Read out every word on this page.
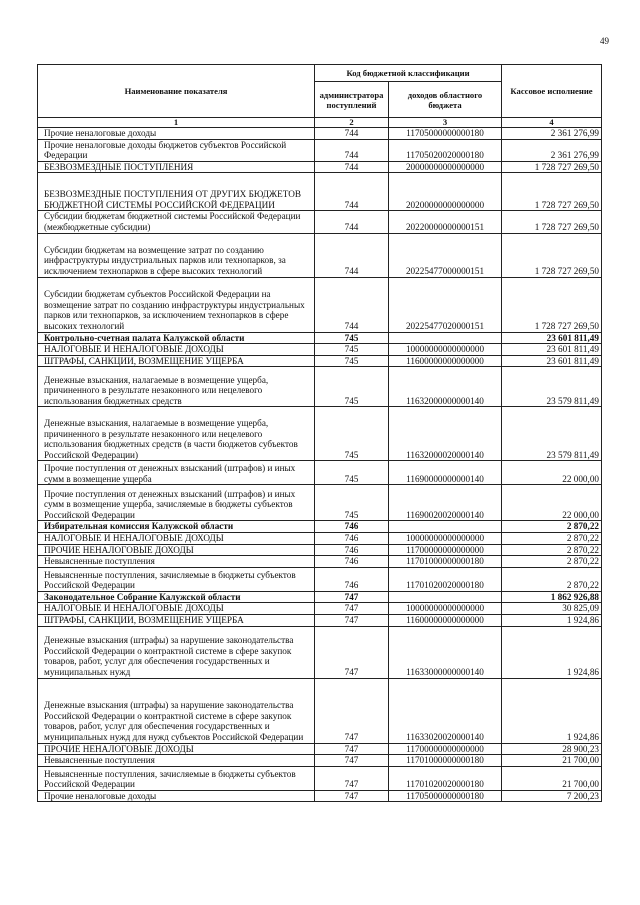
49
Наименование показателя	Код бюджетной классификации		Кассовое исполнение
	администратора поступлений	доходов областного бюджета	
1	2	3	4
Прочие неналоговые доходы	744	11705000000000180	2 361 276,99
Прочие неналоговые доходы бюджетов субъектов Российской Федерации	744	11705020020000180	2 361 276,99
БЕЗВОЗМЕЗДНЫЕ ПОСТУПЛЕНИЯ	744	20000000000000000	1 728 727 269,50
БЕЗВОЗМЕЗДНЫЕ ПОСТУПЛЕНИЯ ОТ ДРУГИХ БЮДЖЕТОВ БЮДЖЕТНОЙ СИСТЕМЫ РОССИЙСКОЙ ФЕДЕРАЦИИ	744	20200000000000000	1 728 727 269,50
Субсидии бюджетам бюджетной системы Российской Федерации (межбюджетные субсидии)	744	20220000000000151	1 728 727 269,50
Субсидии бюджетам на возмещение затрат по созданию инфраструктуры индустриальных парков или технопарков, за исключением технопарков в сфере высоких технологий	744	20225477000000151	1 728 727 269,50
Субсидии бюджетам субъектов Российской Федерации на возмещение затрат по созданию инфраструктуры индустриальных парков или технопарков, за исключением технопарков в сфере высоких технологий	744	20225477020000151	1 728 727 269,50
Контрольно-счетная палата Калужской области	745		23 601 811,49
НАЛОГОВЫЕ И НЕНАЛОГОВЫЕ ДОХОДЫ	745	10000000000000000	23 601 811,49
ШТРАФЫ, САНКЦИИ, ВОЗМЕЩЕНИЕ УЩЕРБА	745	11600000000000000	23 601 811,49
Денежные взыскания, налагаемые в возмещение ущерба, причиненного в результате незаконного или нецелевого использования бюджетных средств	745	11632000000000140	23 579 811,49
Денежные взыскания, налагаемые в возмещение ущерба, причиненного в результате незаконного или нецелевого использования бюджетных средств (в части бюджетов субъектов Российской Федерации)	745	11632000020000140	23 579 811,49
Прочие поступления от денежных взысканий (штрафов) и иных сумм в возмещение ущерба	745	11690000000000140	22 000,00
Прочие поступления от денежных взысканий (штрафов) и иных сумм в возмещение ущерба, зачисляемые в бюджеты субъектов Российской Федерации	745	11690020020000140	22 000,00
Избирательная комиссия Калужской области	746		2 870,22
НАЛОГОВЫЕ И НЕНАЛОГОВЫЕ ДОХОДЫ	746	10000000000000000	2 870,22
ПРОЧИЕ НЕНАЛОГОВЫЕ ДОХОДЫ	746	11700000000000000	2 870,22
Невыясненные поступления	746	11701000000000180	2 870,22
Невыясненные поступления, зачисляемые в бюджеты субъектов Российской Федерации	746	11701020020000180	2 870,22
Законодательное Собрание Калужской области	747		1 862 926,88
НАЛОГОВЫЕ И НЕНАЛОГОВЫЕ ДОХОДЫ	747	10000000000000000	30 825,09
ШТРАФЫ, САНКЦИИ, ВОЗМЕЩЕНИЕ УЩЕРБА	747	11600000000000000	1 924,86
Денежные взыскания (штрафы) за нарушение законодательства Российской Федерации о контрактной системе в сфере закупок товаров, работ, услуг для обеспечения государственных и муниципальных нужд	747	11633000000000140	1 924,86
Денежные взыскания (штрафы) за нарушение законодательства Российской Федерации о контрактной системе в сфере закупок товаров, работ, услуг для обеспечения государственных и муниципальных нужд для нужд субъектов Российской Федерации	747	11633020020000140	1 924,86
ПРОЧИЕ НЕНАЛОГОВЫЕ ДОХОДЫ	747	11700000000000000	28 900,23
Невыясненные поступления	747	11701000000000180	21 700,00
Невыясненные поступления, зачисляемые в бюджеты субъектов Российской Федерации	747	11701020020000180	21 700,00
Прочие неналоговые доходы	747	11705000000000180	7 200,23
